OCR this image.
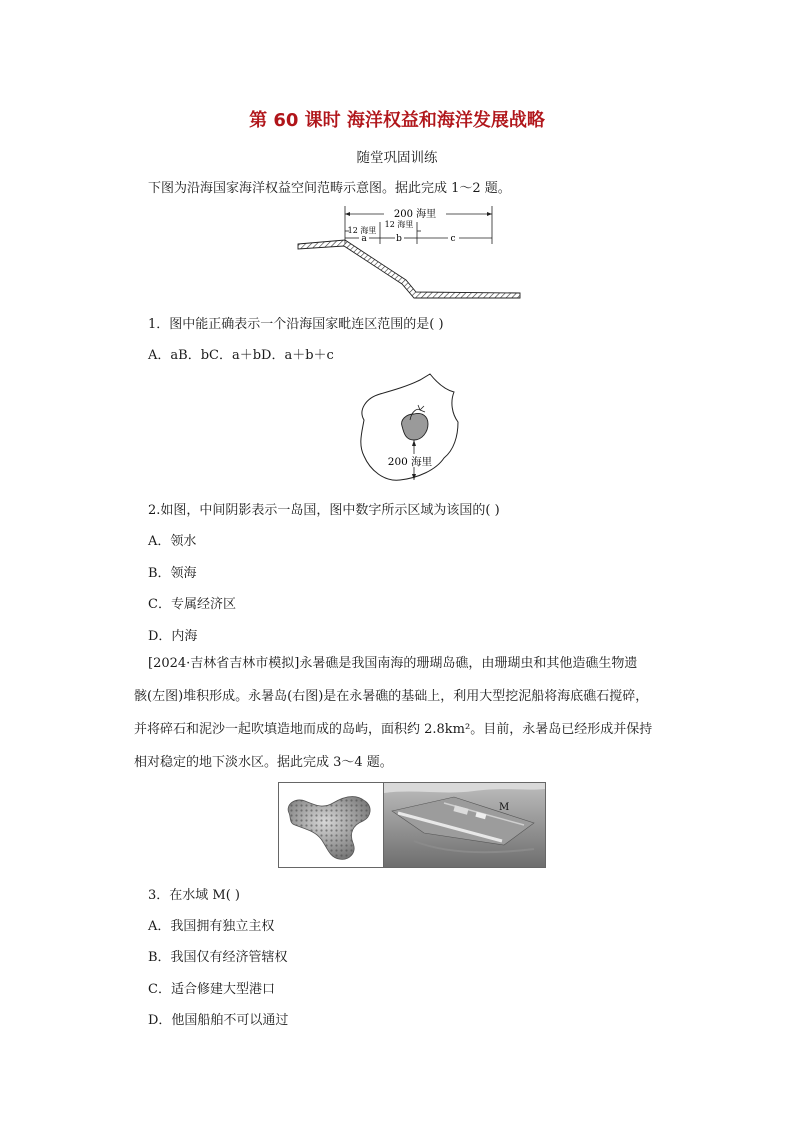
第 60 课时 海洋权益和海洋发展战略
随堂巩固训练
下图为沿海国家海洋权益空间范畴示意图。据此完成 1～2 题。
200 海里
12 海里
12 海里
a	b	c
1．图中能正确表示一个沿海国家毗连区范围的是( )
A．aB．bC．a＋bD．a＋b＋c
200 海里
2.如图，中间阴影表示一岛国，图中数字所示区域为该国的( )
A．领水
B．领海
C．专属经济区
D．内海
[2024·吉林省吉林市模拟]永暑礁是我国南海的珊瑚岛礁，由珊瑚虫和其他造礁生物遗
骸(左图)堆积形成。永暑岛(右图)是在永暑礁的基础上，利用大型挖泥船将海底礁石搅碎，
并将碎石和泥沙一起吹填造地而成的岛屿，面积约 2.8km²。目前，永暑岛已经形成并保持
相对稳定的地下淡水区。据此完成 3～4 题。
M
3．在水域 M( )
A．我国拥有独立主权
B．我国仅有经济管辖权
C．适合修建大型港口
D．他国船舶不可以通过
